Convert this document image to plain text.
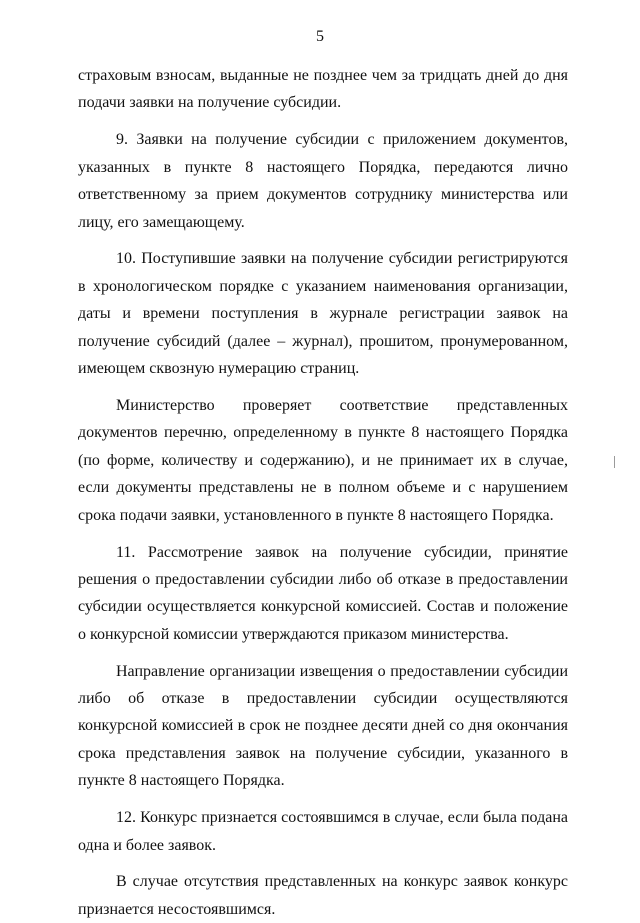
5

страховым взносам, выданные не позднее чем за тридцать дней до дня подачи заявки на получение субсидии.

9. Заявки на получение субсидии с приложением документов, указанных в пункте 8 настоящего Порядка, передаются лично ответственному за прием документов сотруднику министерства или лицу, его замещающему.

10. Поступившие заявки на получение субсидии регистрируются в хронологическом порядке с указанием наименования организации, даты и времени поступления в журнале регистрации заявок на получение субсидий (далее – журнал), прошитом, пронумерованном, имеющем сквозную нумерацию страниц.

Министерство проверяет соответствие представленных документов перечню, определенному в пункте 8 настоящего Порядка (по форме, количеству и содержанию), и не принимает их в случае, если документы представлены не в полном объеме и с нарушением срока подачи заявки, установленного в пункте 8 настоящего Порядка.

11. Рассмотрение заявок на получение субсидии, принятие решения о предоставлении субсидии либо об отказе в предоставлении субсидии осуществляется конкурсной комиссией. Состав и положение о конкурсной комиссии утверждаются приказом министерства.

Направление организации извещения о предоставлении субсидии либо об отказе в предоставлении субсидии осуществляются конкурсной комиссией в срок не позднее десяти дней со дня окончания срока представления заявок на получение субсидии, указанного в пункте 8 настоящего Порядка.

12. Конкурс признается состоявшимся в случае, если была подана одна и более заявок.

В случае отсутствия представленных на конкурс заявок конкурс признается несостоявшимся.
